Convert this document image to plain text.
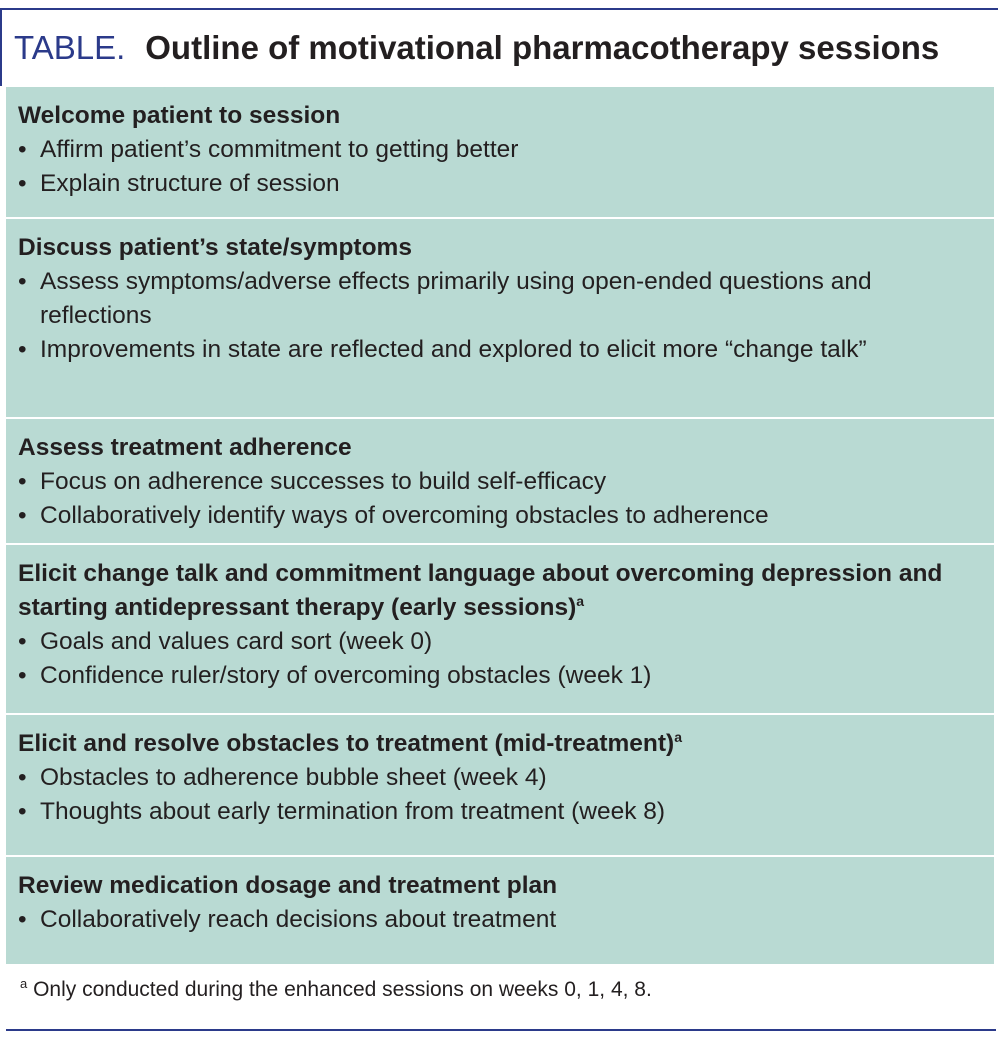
TABLE. Outline of motivational pharmacotherapy sessions
Welcome patient to session
• Affirm patient’s commitment to getting better
• Explain structure of session
Discuss patient’s state/symptoms
• Assess symptoms/adverse effects primarily using open-ended questions and reflections
• Improvements in state are reflected and explored to elicit more “change talk”
Assess treatment adherence
• Focus on adherence successes to build self-efficacy
• Collaboratively identify ways of overcoming obstacles to adherence
Elicit change talk and commitment language about overcoming depression and starting antidepressant therapy (early sessions)$^a$
• Goals and values card sort (week 0)
• Confidence ruler/story of overcoming obstacles (week 1)
Elicit and resolve obstacles to treatment (mid-treatment)$^a$
• Obstacles to adherence bubble sheet (week 4)
• Thoughts about early termination from treatment (week 8)
Review medication dosage and treatment plan
• Collaboratively reach decisions about treatment
$^a$ Only conducted during the enhanced sessions on weeks 0, 1, 4, 8.
